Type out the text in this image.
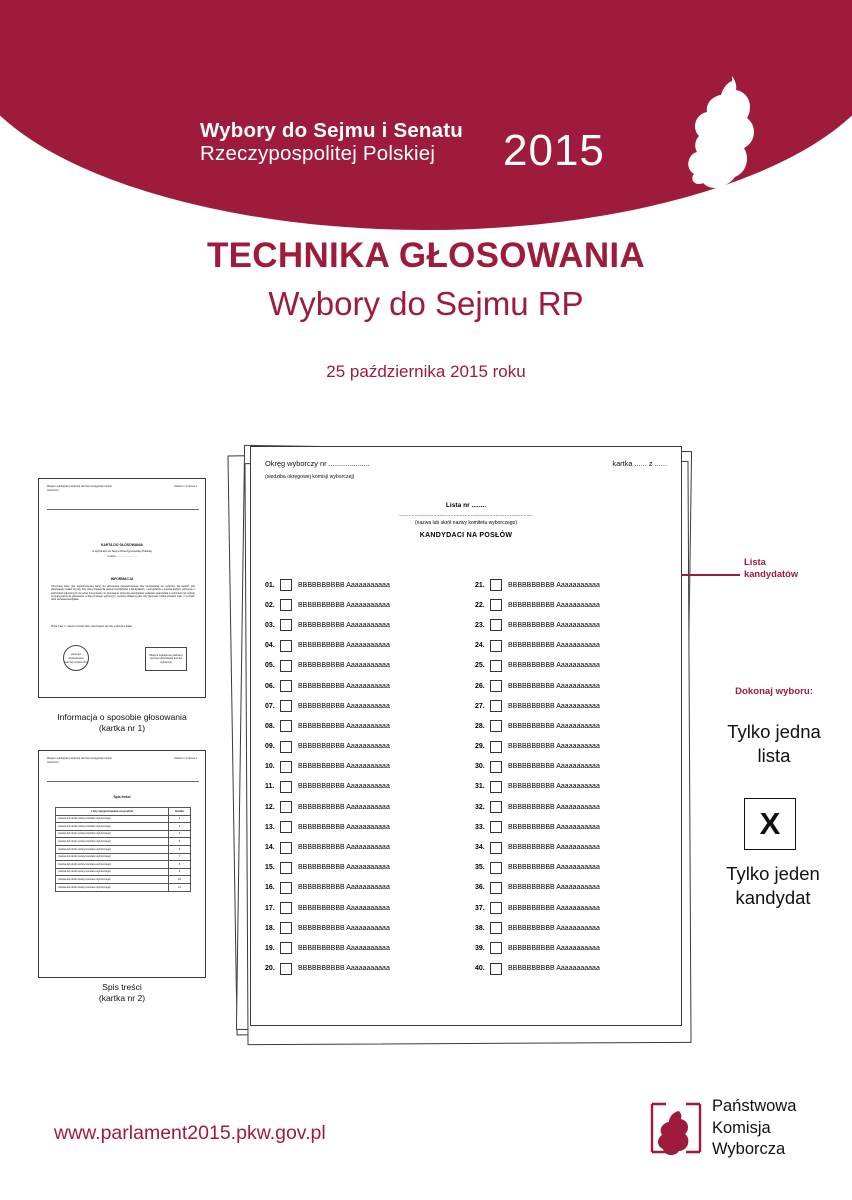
Wybory do Sejmu i Senatu
Rzeczypospolitej Polskiej	2015
TECHNIKA GŁOSOWANIA
Wybory do Sejmu RP
25 października 2015 roku
Miejsce wyklejenia (nadruku) pieczęci okręgowej komisji wyborczej
Kartka nr 1 strona 1
KARTA DO GŁOSOWANIA
w wyborach do Sejmu Rzeczypospolitej Polskiej
w dniu ..........................
INFORMACJA
Otrzymaną kartę (lub wielostronicową kartę) do głosowania (wielostronicową listę kandydatów) we wyborów. Na kartach (lub głosowania) znalazł się listy, listy, której zamieściła podmiot kandydatów o kandydatach, o kandydatów o prawnie każdym podmiocie o podmiotach zgłoszonych na jednej (innej) karcie do głosowania, którą listę kandydatów wskazano (kandydata w wyborach) lub wybrań na jednej karcie do głosowania, w danym okręgu wyborczym, na którą oddajemy głos. Aby głosować, trzeba postawić znak „x” w kratce obok nazwiska kandydata.
Praca znak „x” należy rozumieć dwie znaczniejsze się listy w skrzyżne kratki.
pieczęć obwodowej komisji wyborczej
Miejsce wyklejenia (nadruku) pieczęci obwodowej komisji wyborczej
Informacja o sposobie głosowania
(kartka nr 1)
Miejsce wyklejenia (nadruku) pieczęci okręgowej komisji wyborczej
Kartka nr 2 strona 1
Spis treści
Listy zarejestrowane na posłów	Kartka
(nazwa lub skrót nazwy komitetu wyborczego)	2
(nazwa lub skrót nazwy komitetu wyborczego)	3
(nazwa lub skrót nazwy komitetu wyborczego)	4
(nazwa lub skrót nazwy komitetu wyborczego)	5
(nazwa lub skrót nazwy komitetu wyborczego)	6
(nazwa lub skrót nazwy komitetu wyborczego)	7
(nazwa lub skrót nazwy komitetu wyborczego)	8
(nazwa lub skrót nazwy komitetu wyborczego)	9
(nazwa lub skrót nazwy komitetu wyborczego)	10
(nazwa lub skrót nazwy komitetu wyborczego)	11
Spis treści
(kartka nr 2)
Okręg wyborczy nr ....................	kartka ...... z ......
(siedziba okręgowej komisji wyborczej)
Lista nr ........
......................................................................................
(nazwa lub skrót nazwy komitetu wyborczego)
KANDYDACI NA POSŁÓW
01.	BBBBBBBBBB Aaaaaaaaaaa
02.	BBBBBBBBBB Aaaaaaaaaaa
03.	BBBBBBBBBB Aaaaaaaaaaa
04.	BBBBBBBBBB Aaaaaaaaaaa
05.	BBBBBBBBBB Aaaaaaaaaaa
06.	BBBBBBBBBB Aaaaaaaaaaa
07.	BBBBBBBBBB Aaaaaaaaaaa
08.	BBBBBBBBBB Aaaaaaaaaaa
09.	BBBBBBBBBB Aaaaaaaaaaa
10.	BBBBBBBBBB Aaaaaaaaaaa
11.	BBBBBBBBBB Aaaaaaaaaaa
12.	BBBBBBBBBB Aaaaaaaaaaa
13.	BBBBBBBBBB Aaaaaaaaaaa
14.	BBBBBBBBBB Aaaaaaaaaaa
15.	BBBBBBBBBB Aaaaaaaaaaa
16.	BBBBBBBBBB Aaaaaaaaaaa
17.	BBBBBBBBBB Aaaaaaaaaaa
18.	BBBBBBBBBB Aaaaaaaaaaa
19.	BBBBBBBBBB Aaaaaaaaaaa
20.	BBBBBBBBBB Aaaaaaaaaaa
21.	BBBBBBBBBB Aaaaaaaaaaa
22.	BBBBBBBBBB Aaaaaaaaaaa
23.	BBBBBBBBBB Aaaaaaaaaaa
24.	BBBBBBBBBB Aaaaaaaaaaa
25.	BBBBBBBBBB Aaaaaaaaaaa
26.	BBBBBBBBBB Aaaaaaaaaaa
27.	BBBBBBBBBB Aaaaaaaaaaa
28.	BBBBBBBBBB Aaaaaaaaaaa
29.	BBBBBBBBBB Aaaaaaaaaaa
30.	BBBBBBBBBB Aaaaaaaaaaa
31.	BBBBBBBBBB Aaaaaaaaaaa
32.	BBBBBBBBBB Aaaaaaaaaaa
33.	BBBBBBBBBB Aaaaaaaaaaa
34.	BBBBBBBBBB Aaaaaaaaaaa
35.	BBBBBBBBBB Aaaaaaaaaaa
36.	BBBBBBBBBB Aaaaaaaaaaa
37.	BBBBBBBBBB Aaaaaaaaaaa
38.	BBBBBBBBBB Aaaaaaaaaaa
39.	BBBBBBBBBB Aaaaaaaaaaa
40.	BBBBBBBBBB Aaaaaaaaaaa
Lista
kandydatów
Dokonaj wyboru:
Tylko jedna
lista
X
Tylko jeden
kandydat
www.parlament2015.pkw.gov.pl
Państwowa
Komisja
Wyborcza
